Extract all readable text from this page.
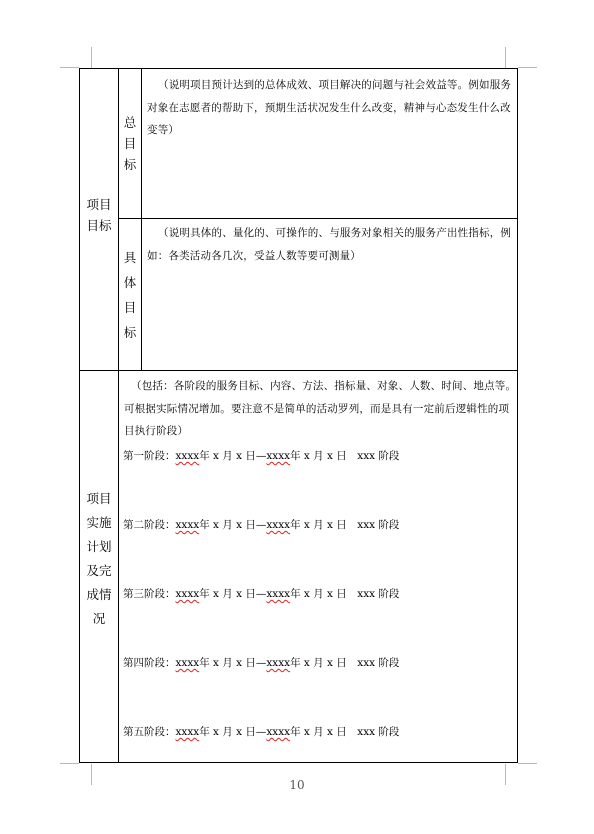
项目目标
总目标
（说明项目预计达到的总体成效、项目解决的问题与社会效益等。例如服务对象在志愿者的帮助下，预期生活状况发生什么改变，精神与心态发生什么改变等）
具体目标
（说明具体的、量化的、可操作的、与服务对象相关的服务产出性指标，例如：各类活动各几次，受益人数等要可测量）
项目实施计划及完成情况
（包括：各阶段的服务目标、内容、方法、指标量、对象、人数、时间、地点等。可根据实际情况增加。要注意不是简单的活动罗列，而是具有一定前后逻辑性的项目执行阶段）
第一阶段：xxxx年 x 月 x 日—xxxx年 x 月 x 日　xxx 阶段
第二阶段：xxxx年 x 月 x 日—xxxx年 x 月 x 日　xxx 阶段
第三阶段：xxxx年 x 月 x 日—xxxx年 x 月 x 日　xxx 阶段
第四阶段：xxxx年 x 月 x 日—xxxx年 x 月 x 日　xxx 阶段
第五阶段：xxxx年 x 月 x 日—xxxx年 x 月 x 日　xxx 阶段
10
